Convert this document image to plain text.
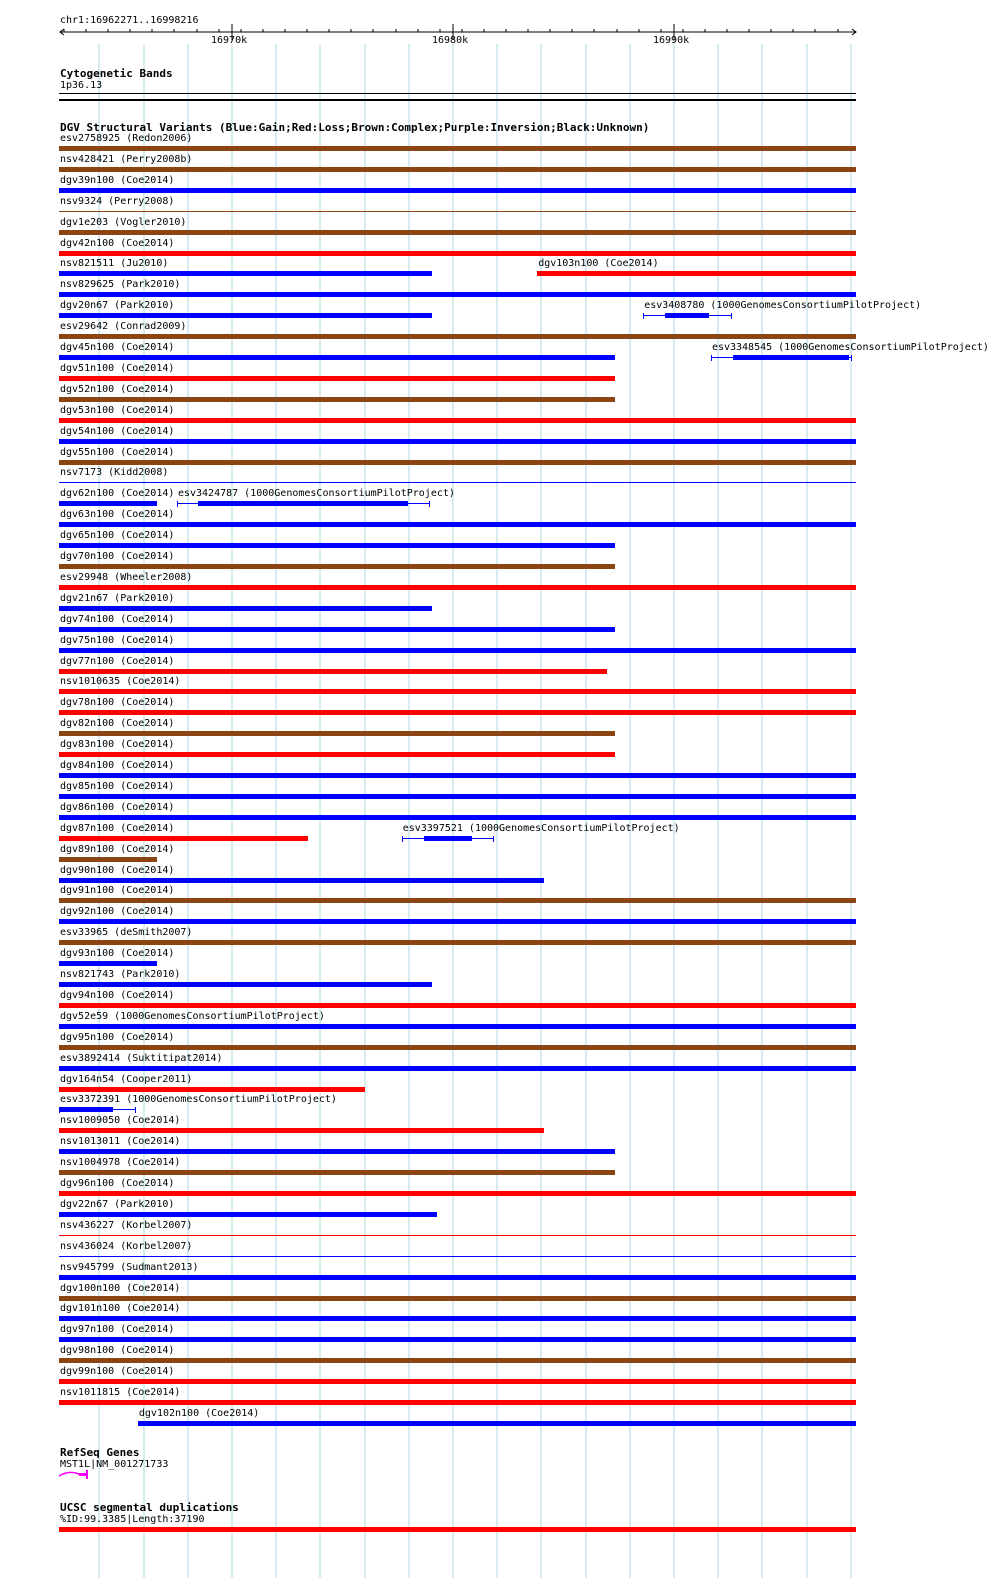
chr1:16962271..16998216
16970k	16980k	16990k
Cytogenetic Bands
1p36.13
DGV Structural Variants (Blue:Gain;Red:Loss;Brown:Complex;Purple:Inversion;Black:Unknown)
esv2758925 (Redon2006)
nsv428421 (Perry2008b)
dgv39n100 (Coe2014)
nsv9324 (Perry2008)
dgv1e203 (Vogler2010)
dgv42n100 (Coe2014)
nsv821511 (Ju2010)	dgv103n100 (Coe2014)
nsv829625 (Park2010)
dgv20n67 (Park2010)	esv3408780 (1000GenomesConsortiumPilotProject)
esv29642 (Conrad2009)
dgv45n100 (Coe2014)	esv3348545 (1000GenomesConsortiumPilotProject)
dgv51n100 (Coe2014)
dgv52n100 (Coe2014)
dgv53n100 (Coe2014)
dgv54n100 (Coe2014)
dgv55n100 (Coe2014)
nsv7173 (Kidd2008)
dgv62n100 (Coe2014) esv3424787 (1000GenomesConsortiumPilotProject)
dgv63n100 (Coe2014)
dgv65n100 (Coe2014)
dgv70n100 (Coe2014)
esv29948 (Wheeler2008)
dgv21n67 (Park2010)
dgv74n100 (Coe2014)
dgv75n100 (Coe2014)
dgv77n100 (Coe2014)
nsv1010635 (Coe2014)
dgv78n100 (Coe2014)
dgv82n100 (Coe2014)
dgv83n100 (Coe2014)
dgv84n100 (Coe2014)
dgv85n100 (Coe2014)
dgv86n100 (Coe2014)
dgv87n100 (Coe2014)	esv3397521 (1000GenomesConsortiumPilotProject)
dgv89n100 (Coe2014)
dgv90n100 (Coe2014)
dgv91n100 (Coe2014)
dgv92n100 (Coe2014)
esv33965 (deSmith2007)
dgv93n100 (Coe2014)
nsv821743 (Park2010)
dgv94n100 (Coe2014)
dgv52e59 (1000GenomesConsortiumPilotProject)
dgv95n100 (Coe2014)
esv3892414 (Suktitipat2014)
dgv164n54 (Cooper2011)
esv3372391 (1000GenomesConsortiumPilotProject)
nsv1009050 (Coe2014)
nsv1013011 (Coe2014)
nsv1004978 (Coe2014)
dgv96n100 (Coe2014)
dgv22n67 (Park2010)
nsv436227 (Korbel2007)
nsv436024 (Korbel2007)
nsv945799 (Sudmant2013)
dgv100n100 (Coe2014)
dgv101n100 (Coe2014)
dgv97n100 (Coe2014)
dgv98n100 (Coe2014)
dgv99n100 (Coe2014)
nsv1011815 (Coe2014)
dgv102n100 (Coe2014)
RefSeq Genes
MST1L|NM_001271733
UCSC segmental duplications
%ID:99.3385|Length:37190
